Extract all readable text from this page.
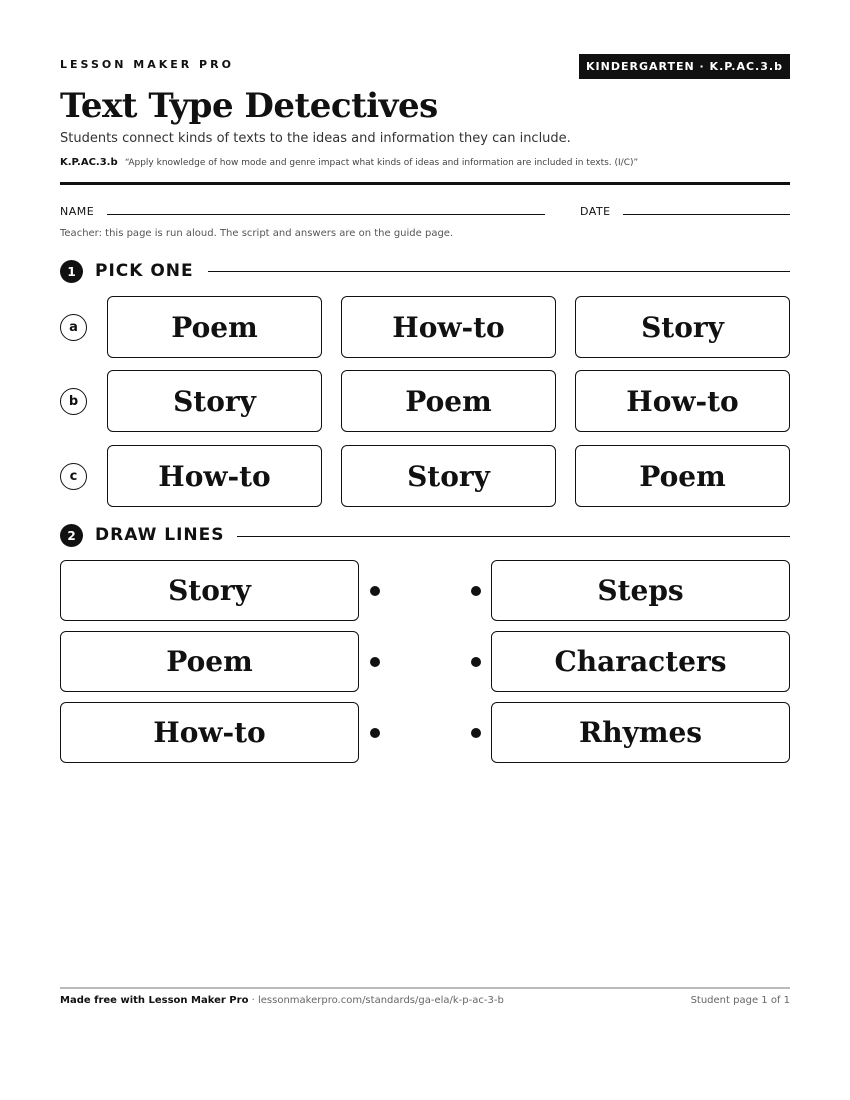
LESSON MAKER PRO	KINDERGARTEN · K.P.AC.3.b
Text Type Detectives
Students connect kinds of texts to the ideas and information they can include.
K.P.AC.3.b “Apply knowledge of how mode and genre impact what kinds of ideas and information are included in texts. (I/C)”
NAME	DATE
Teacher: this page is run aloud. The script and answers are on the guide page.
1	PICK ONE
a	Poem	How-to	Story
b	Story	Poem	How-to
c	How-to	Story	Poem
2	DRAW LINES
Story	Steps
Poem	Characters
How-to	Rhymes
Made free with Lesson Maker Pro · lessonmakerpro.com/standards/ga-ela/k-p-ac-3-b	Student page 1 of 1
